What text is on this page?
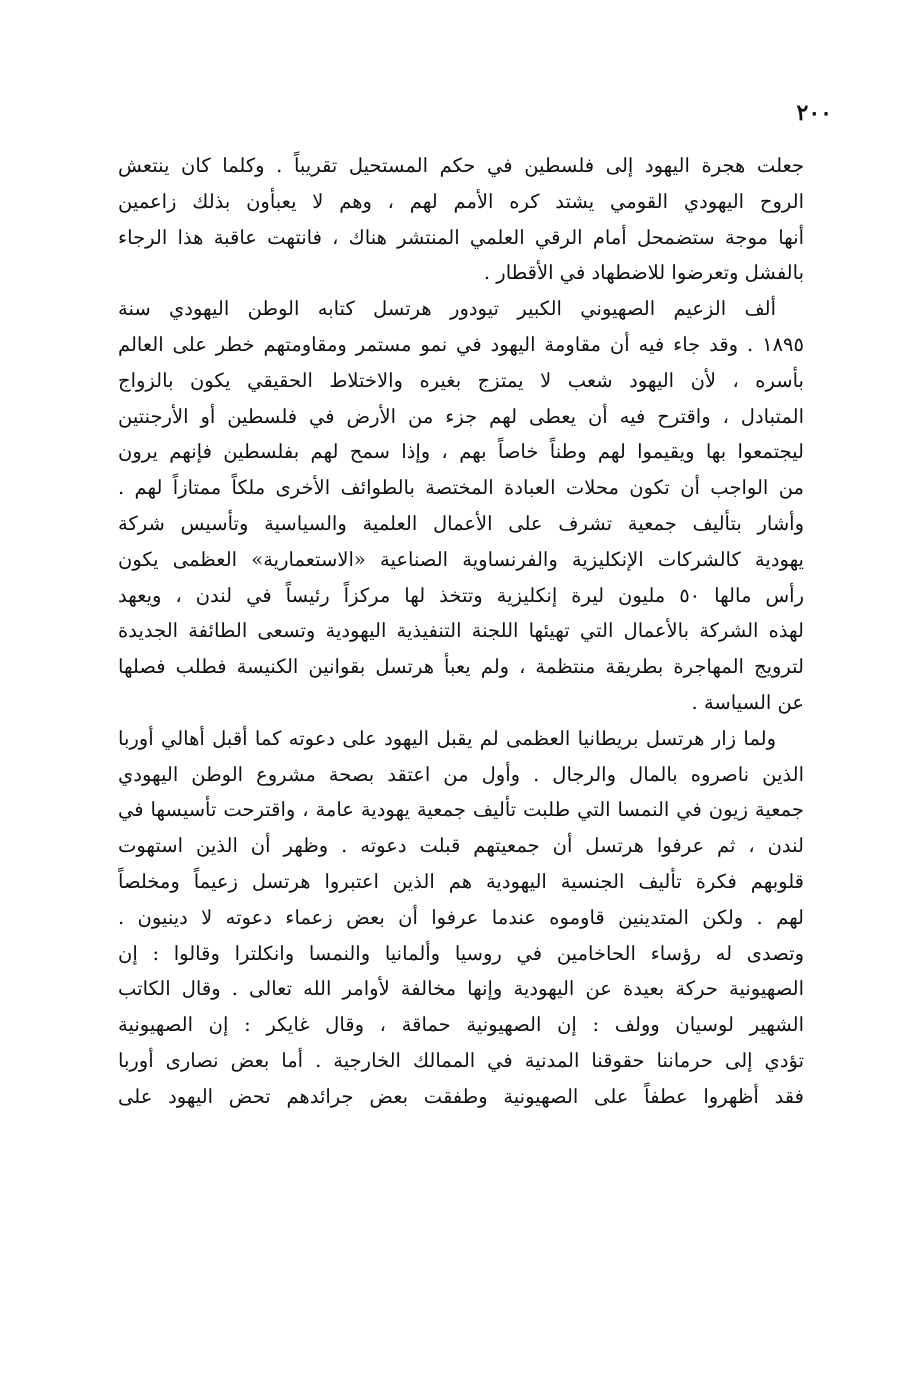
٢٠٠
جعلت هجرة اليهود إلى فلسطين في حكم المستحيل تقريباً . وكلما كان ينتعش
الروح اليهودي القومي يشتد كره الأمم لهم ، وهم لا يعبأون بذلك زاعمين
أنها موجة ستضمحل أمام الرقي العلمي المنتشر هناك ، فانتهت عاقبة هذا الرجاء
بالفشل وتعرضوا للاضطهاد في الأقطار .
ألف الزعيم الصهيوني الكبير تيودور هرتسل كتابه الوطن اليهودي سنة
١٨٩٥ . وقد جاء فيه أن مقاومة اليهود في نمو مستمر ومقاومتهم خطر على العالم
بأسره ، لأن اليهود شعب لا يمتزج بغيره والاختلاط الحقيقي يكون بالزواج
المتبادل ، واقترح فيه أن يعطى لهم جزء من الأرض في فلسطين أو الأرجنتين
ليجتمعوا بها ويقيموا لهم وطناً خاصاً بهم ، وإذا سمح لهم بفلسطين فإنهم يرون
من الواجب أن تكون محلات العبادة المختصة بالطوائف الأخرى ملكاً ممتازاً لهم .
وأشار بتأليف جمعية تشرف على الأعمال العلمية والسياسية وتأسيس شركة
يهودية كالشركات الإنكليزية والفرنساوية الصناعية «الاستعمارية» العظمى يكون
رأس مالها ٥٠ مليون ليرة إنكليزية وتتخذ لها مركزاً رئيساً في لندن ، ويعهد
لهذه الشركة بالأعمال التي تهيئها اللجنة التنفيذية اليهودية وتسعى الطائفة الجديدة
لترويج المهاجرة بطريقة منتظمة ، ولم يعبأ هرتسل بقوانين الكنيسة فطلب فصلها
عن السياسة .
ولما زار هرتسل بريطانيا العظمى لم يقبل اليهود على دعوته كما أقبل أهالي أوربا
الذين ناصروه بالمال والرجال . وأول من اعتقد بصحة مشروع الوطن اليهودي
جمعية زيون في النمسا التي طلبت تأليف جمعية يهودية عامة ، واقترحت تأسيسها في
لندن ، ثم عرفوا هرتسل أن جمعيتهم قبلت دعوته . وظهر أن الذين استهوت
قلوبهم فكرة تأليف الجنسية اليهودية هم الذين اعتبروا هرتسل زعيماً ومخلصاً
لهم . ولكن المتدينين قاوموه عندما عرفوا أن بعض زعماء دعوته لا دينيون .
وتصدى له رؤساء الحاخامين في روسيا وألمانيا والنمسا وانكلترا وقالوا : إن
الصهيونية حركة بعيدة عن اليهودية وإنها مخالفة لأوامر الله تعالى . وقال الكاتب
الشهير لوسيان وولف : إن الصهيونية حماقة ، وقال غايكر : إن الصهيونية
تؤدي إلى حرماننا حقوقنا المدنية في الممالك الخارجية . أما بعض نصارى أوربا
فقد أظهروا عطفاً على الصهيونية وطفقت بعض جرائدهم تحض اليهود على
